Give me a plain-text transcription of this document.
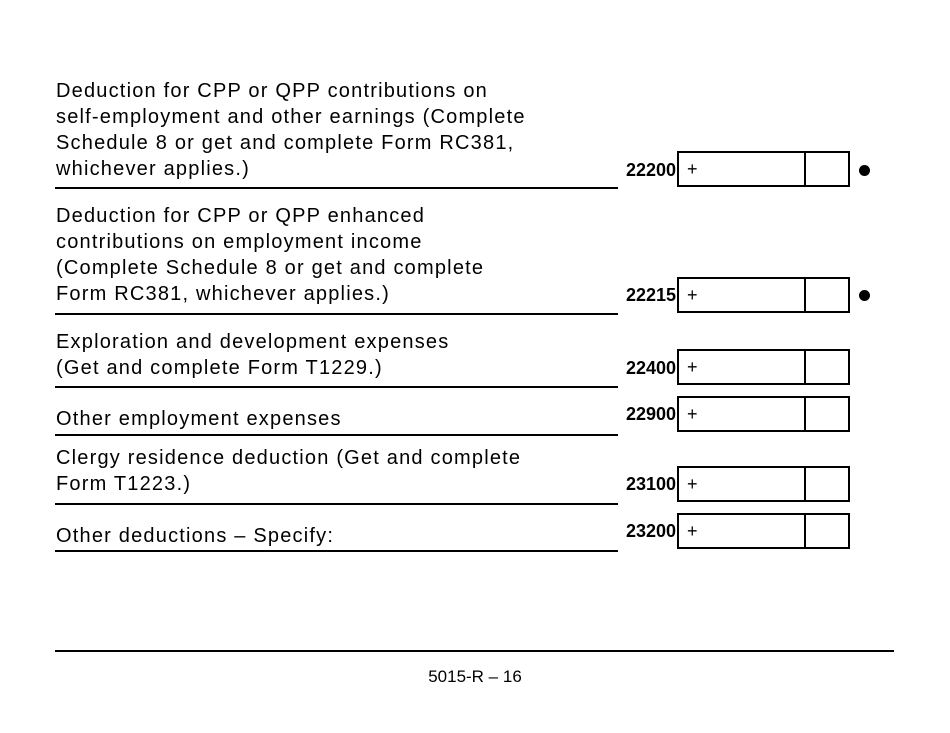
Deduction for CPP or QPP contributions on
self-employment and other earnings (Complete
Schedule 8 or get and complete Form RC381,
whichever applies.)	22200 +
Deduction for CPP or QPP enhanced
contributions on employment income
(Complete Schedule 8 or get and complete
Form RC381, whichever applies.)	22215 +
Exploration and development expenses
(Get and complete Form T1229.)	22400 +
Other employment expenses	22900 +
Clergy residence deduction (Get and complete
Form T1223.)	23100 +
Other deductions – Specify:	23200 +
5015-R – 16
